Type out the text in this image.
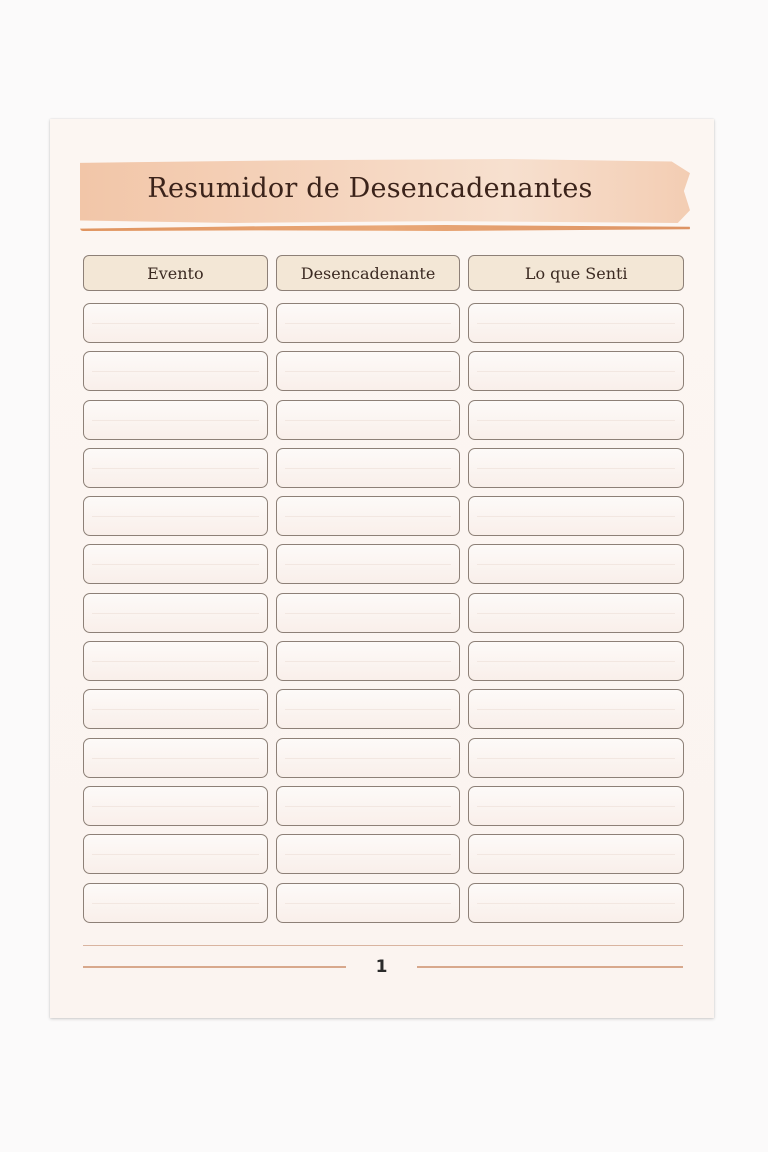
Resumidor de Desencadenantes
Evento	Desencadenante	Lo que Senti
1
